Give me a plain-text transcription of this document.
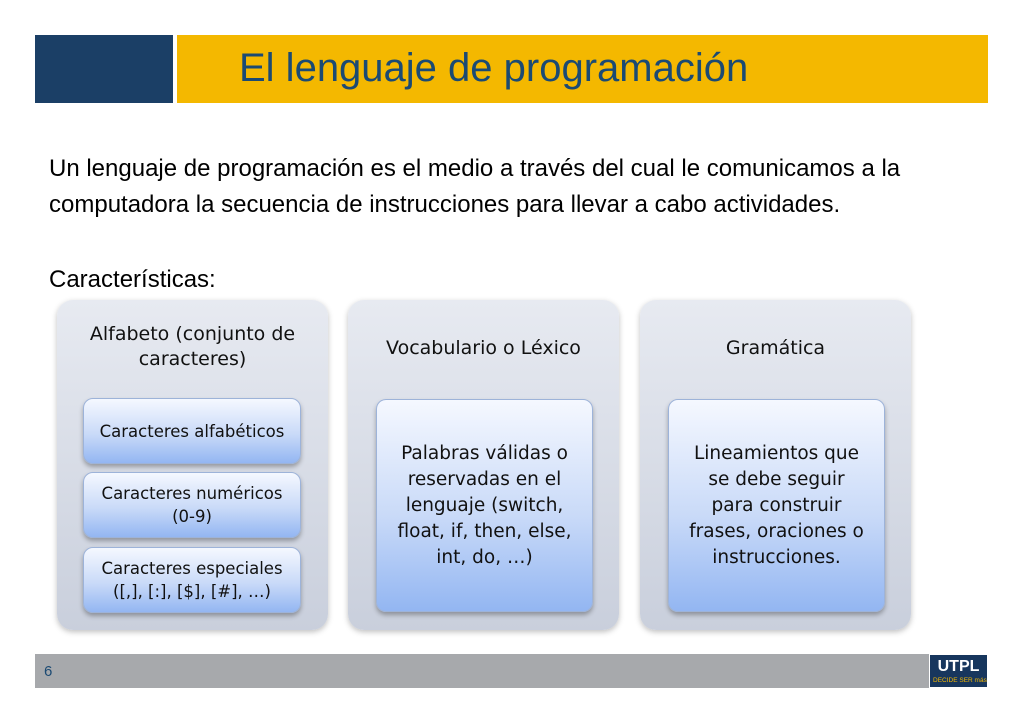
El lenguaje de programación
Un lenguaje de programación es el medio a través del cual le comunicamos a la computadora la secuencia de instrucciones para llevar a cabo actividades.
Características:
Alfabeto (conjunto de caracteres)
Caracteres alfabéticos
Caracteres numéricos (0-9)
Caracteres especiales ([,], [:], [$], [#], …)
Vocabulario o Léxico
Palabras válidas o reservadas en el lenguaje (switch, float, if, then, else, int, do, …)
Gramática
Lineamientos que se debe seguir para construir frases, oraciones o instrucciones.
6	UTPL
DECIDE SER más
